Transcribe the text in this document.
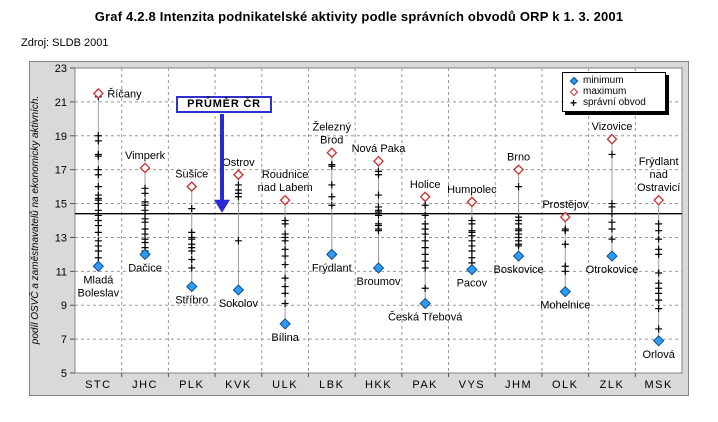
Graf 4.2.8 Intenzita podnikatelské aktivity podle správních obvodů ORP k 1. 3. 2001
Zdroj: SLDB 2001
23
21
19
17
15
13
11
9
7
5
Říčany
Mladá
Boleslav
STC
Vimperk
Dačice
JHC
Sušice
Stříbro
PLK
Ostrov
Sokolov
KVK
Roudnice
nad Labem
Bílina
ULK
Železný
Brod
Frýdlant
LBK
Nová Paka
Broumov
HKK
Holice
Česká Třebová
PAK
Humpolec
Pacov
VYS
Brno
Boskovice
JHM
Prostějov
Mohelnice
OLK
Vizovice
Otrokovice
ZLK
Frýdlant
nad
Ostravicí
Orlová
MSK
podíl OSVČ a zaměstnavatelů na ekonomicky aktivních.
minimum
maximum
+ správní obvod
PRŮMĚR ČR
